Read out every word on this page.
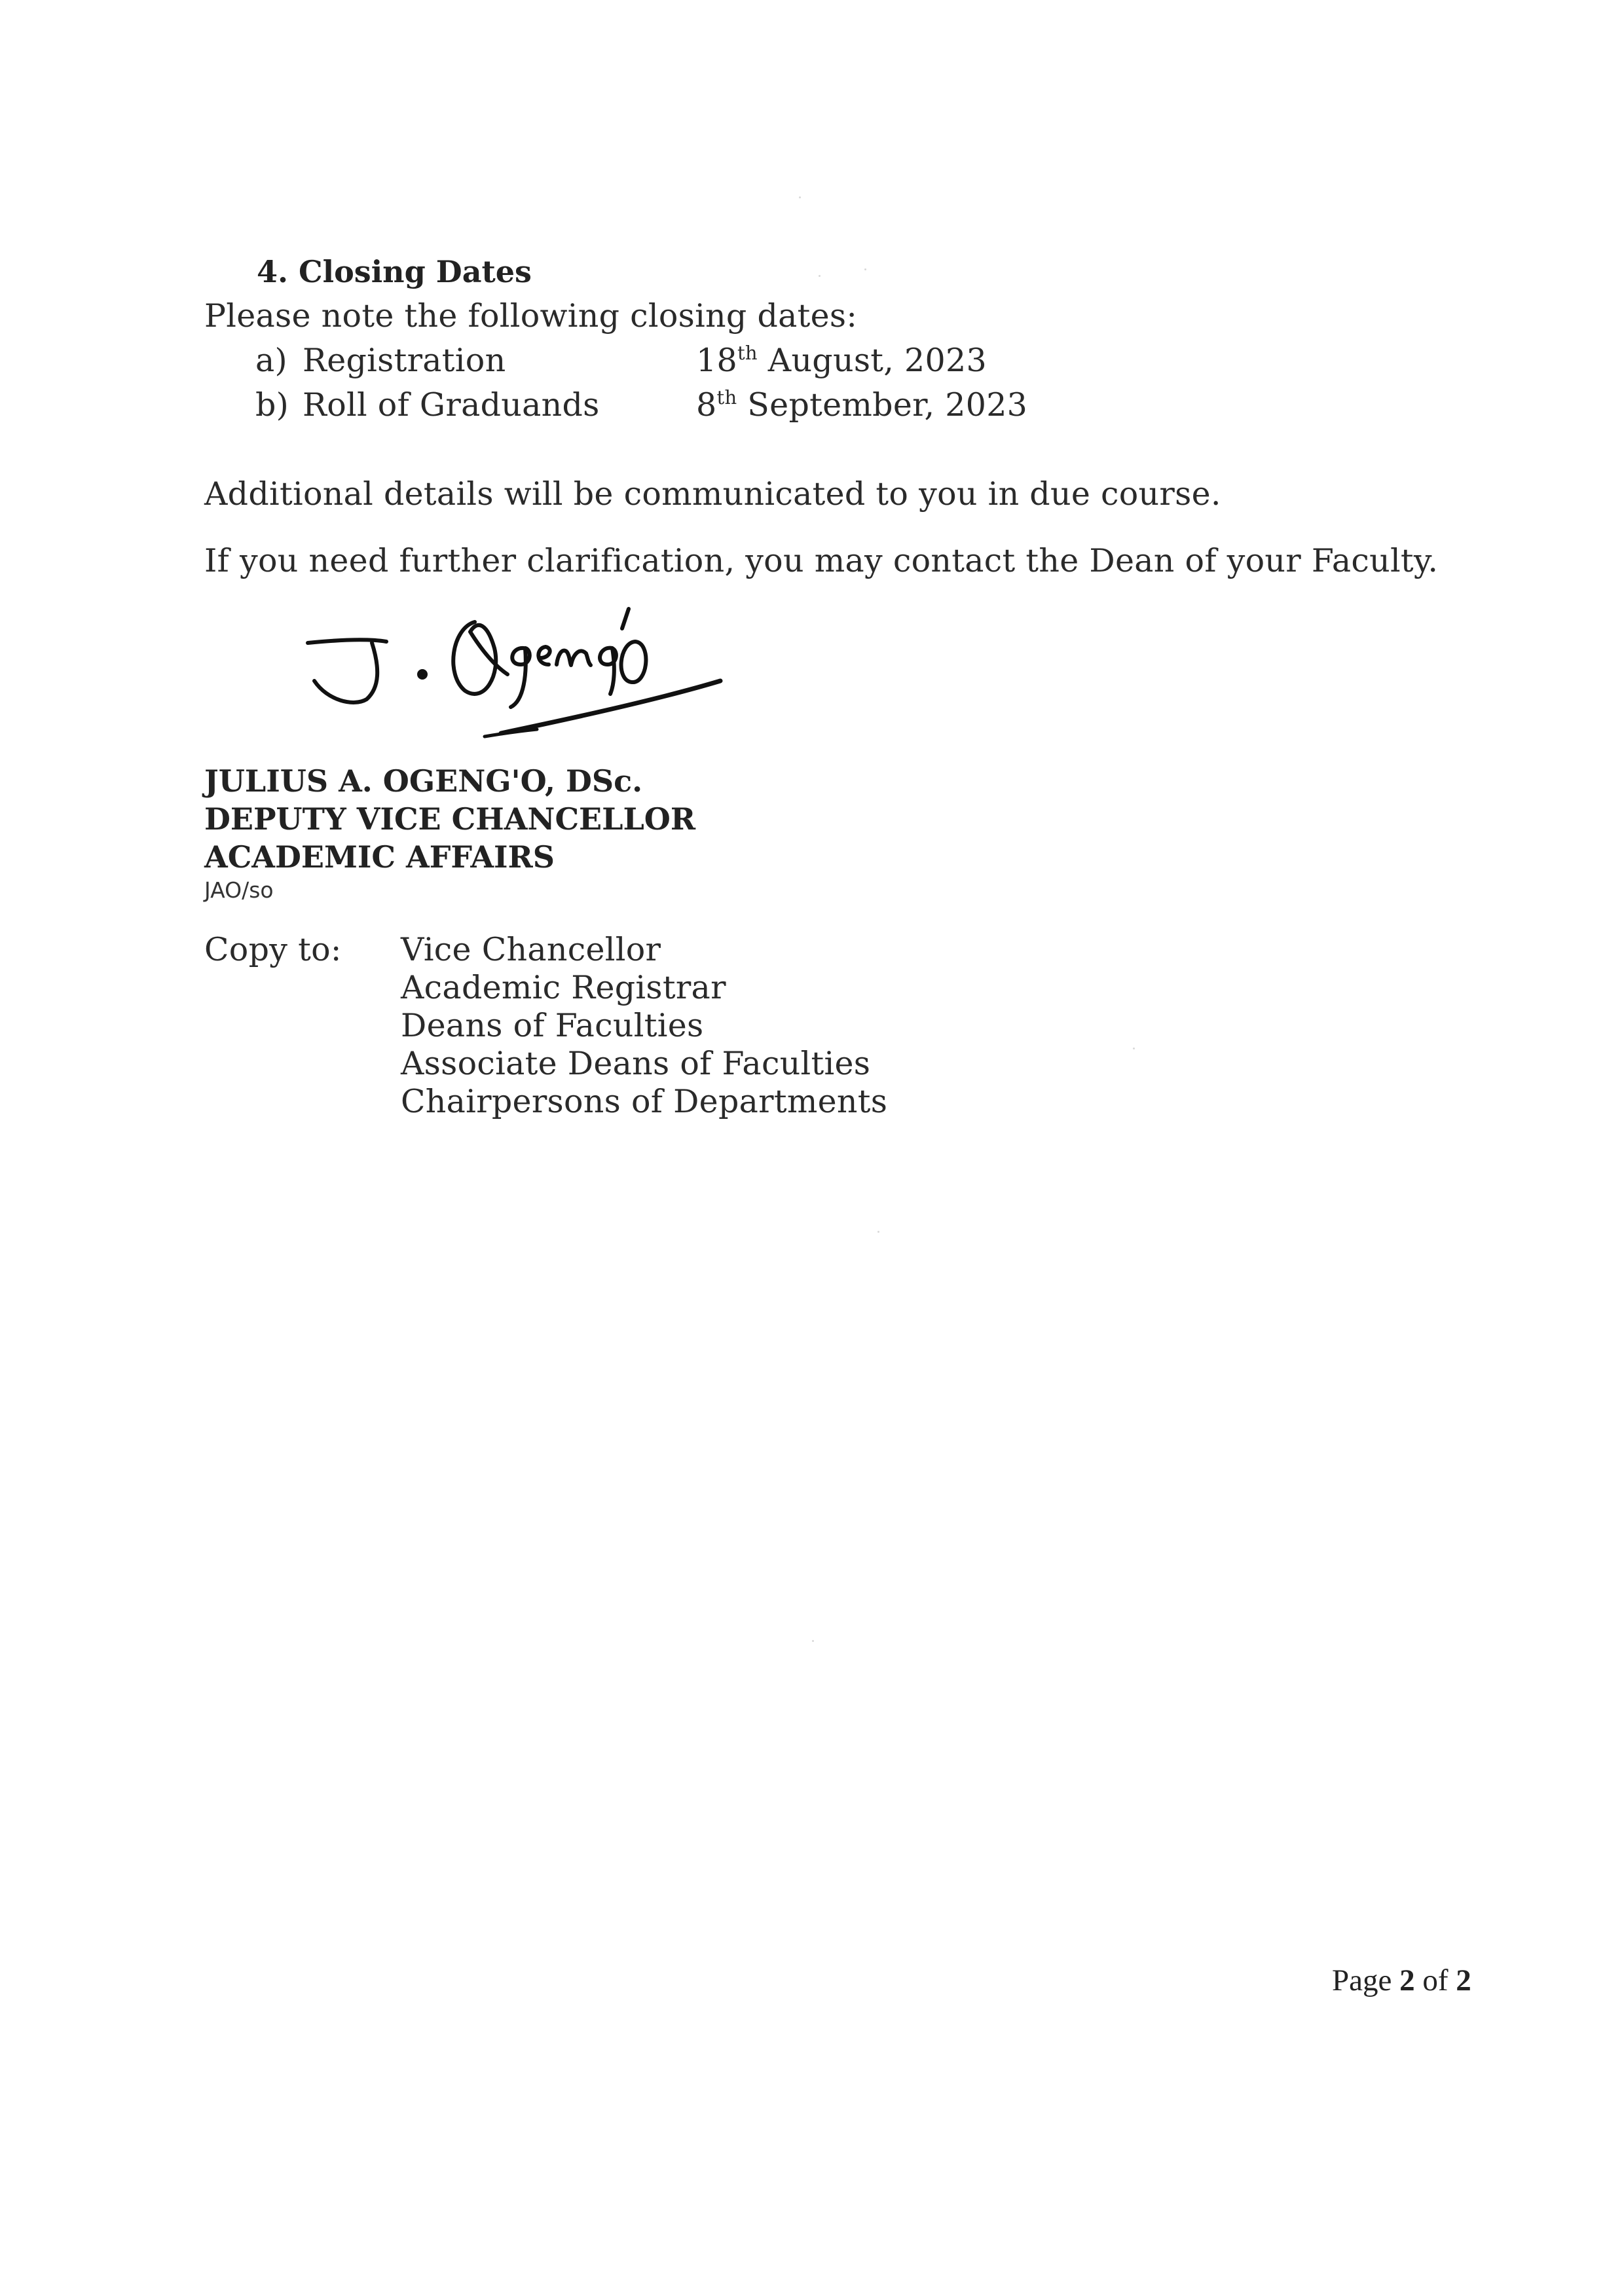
4. Closing Dates
Please note the following closing dates:
a) Registration	18th August, 2023
b) Roll of Graduands	8th September, 2023
Additional details will be communicated to you in due course.
If you need further clarification, you may contact the Dean of your Faculty.
JULIUS A. OGENG'O, DSc.
DEPUTY VICE CHANCELLOR
ACADEMIC AFFAIRS
JAO/so
Copy to: Vice Chancellor
Academic Registrar
Deans of Faculties
Associate Deans of Faculties
Chairpersons of Departments
Page 2 of 2
